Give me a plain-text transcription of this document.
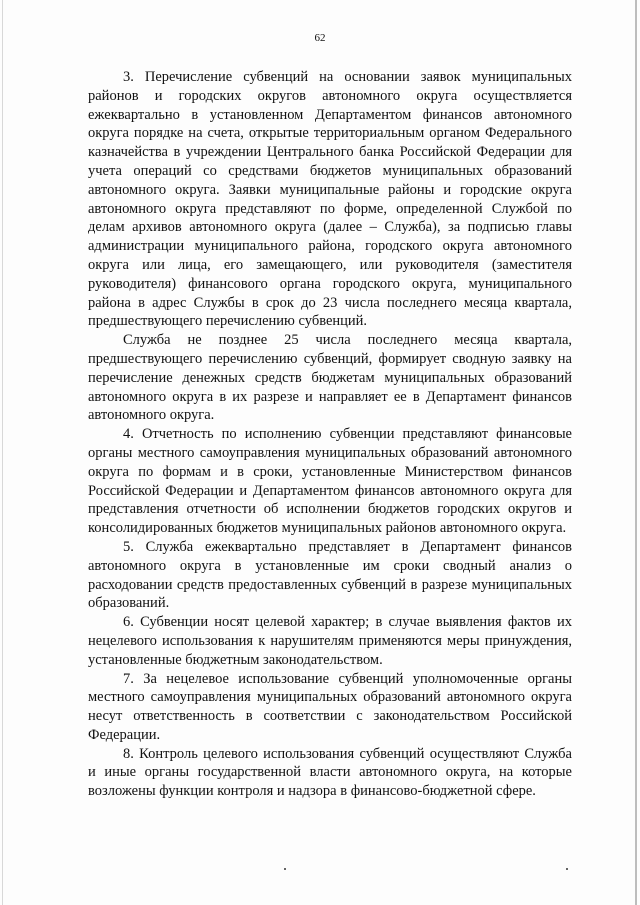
62

3. Перечисление субвенций на основании заявок муниципальных районов и городских округов автономного округа осуществляется ежеквартально в установленном Департаментом финансов автономного округа порядке на счета, открытые территориальным органом Федерального казначейства в учреждении Центрального банка Российской Федерации для учета операций со средствами бюджетов муниципальных образований автономного округа. Заявки муниципальные районы и городские округа автономного округа представляют по форме, определенной Службой по делам архивов автономного округа (далее – Служба), за подписью главы администрации муниципального района, городского округа автономного округа или лица, его замещающего, или руководителя (заместителя руководителя) финансового органа городского округа, муниципального района в адрес Службы в срок до 23 числа последнего месяца квартала, предшествующего перечислению субвенций.

Служба не позднее 25 числа последнего месяца квартала, предшествующего перечислению субвенций, формирует сводную заявку на перечисление денежных средств бюджетам муниципальных образований автономного округа в их разрезе и направляет ее в Департамент финансов автономного округа.

4. Отчетность по исполнению субвенции представляют финансовые органы местного самоуправления муниципальных образований автономного округа по формам и в сроки, установленные Министерством финансов Российской Федерации и Департаментом финансов автономного округа для представления отчетности об исполнении бюджетов городских округов и консолидированных бюджетов муниципальных районов автономного округа.

5. Служба ежеквартально представляет в Департамент финансов автономного округа в установленные им сроки сводный анализ о расходовании средств предоставленных субвенций в разрезе муниципальных образований.

6. Субвенции носят целевой характер; в случае выявления фактов их нецелевого использования к нарушителям применяются меры принуждения, установленные бюджетным законодательством.

7. За нецелевое использование субвенций уполномоченные органы местного самоуправления муниципальных образований автономного округа несут ответственность в соответствии с законодательством Российской Федерации.

8. Контроль целевого использования субвенций осуществляют Служба и иные органы государственной власти автономного округа, на которые возложены функции контроля и надзора в финансово-бюджетной сфере.
